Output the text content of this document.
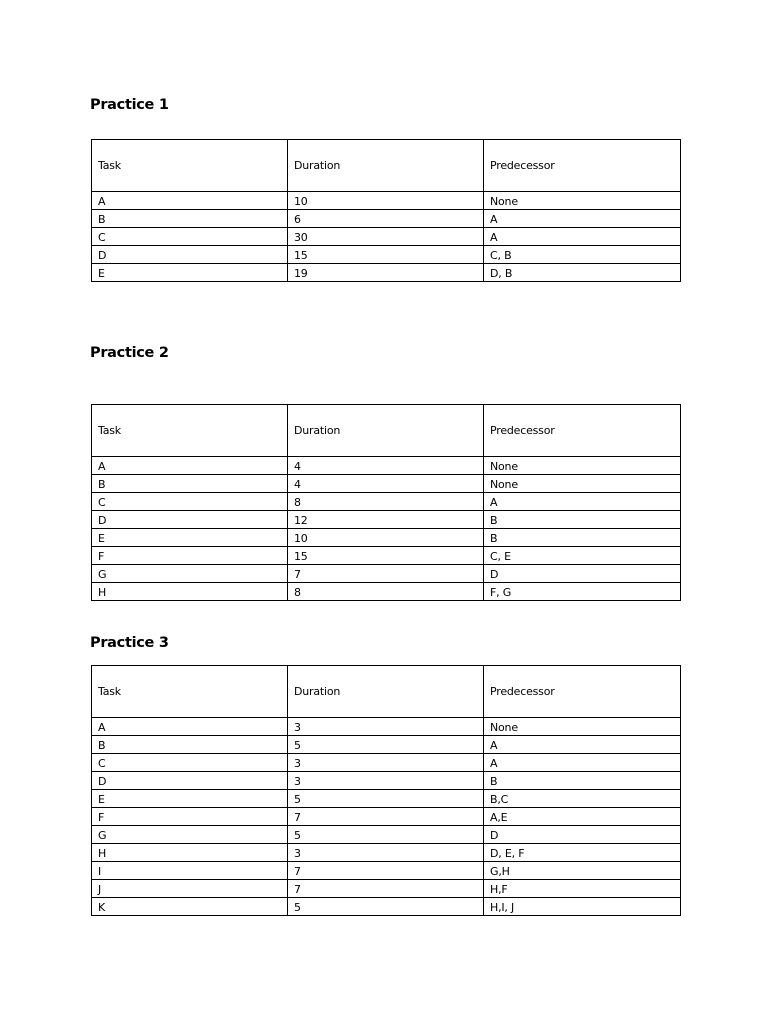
Practice 1
Task	Duration	Predecessor
A	10	None
B	6	A
C	30	A
D	15	C, B
E	19	D, B
Practice 2
Task	Duration	Predecessor
A	4	None
B	4	None
C	8	A
D	12	B
E	10	B
F	15	C, E
G	7	D
H	8	F, G
Practice 3
Task	Duration	Predecessor
A	3	None
B	5	A
C	3	A
D	3	B
E	5	B,C
F	7	A,E
G	5	D
H	3	D, E, F
I	7	G,H
J	7	H,F
K	5	H,I, J
